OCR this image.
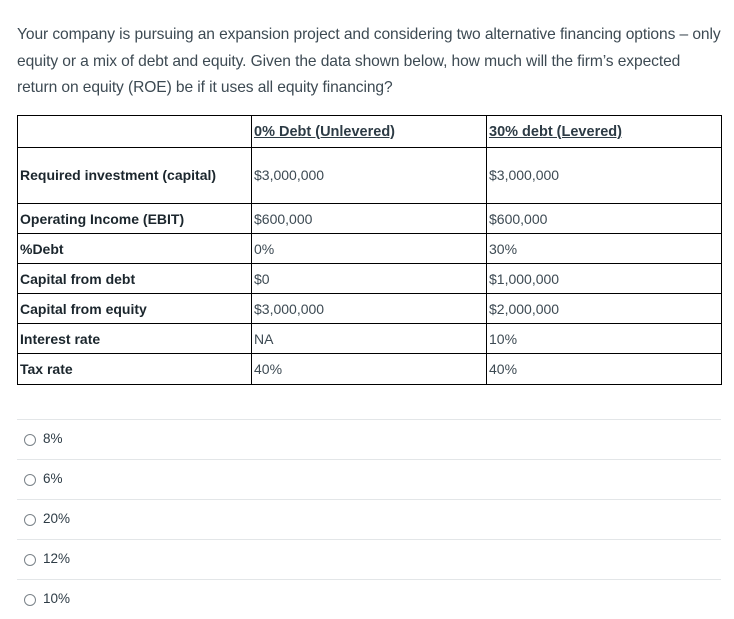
Your company is pursuing an expansion project and considering two alternative financing options – only equity or a mix of debt and equity. Given the data shown below, how much will the firm’s expected return on equity (ROE) be if it uses all equity financing?
	0% Debt (Unlevered)	30% debt (Levered)
Required investment (capital)	$3,000,000	$3,000,000
Operating Income (EBIT)	$600,000	$600,000
%Debt	0%	30%
Capital from debt	$0	$1,000,000
Capital from equity	$3,000,000	$2,000,000
Interest rate	NA	10%
Tax rate	40%	40%
8%
6%
20%
12%
10%
